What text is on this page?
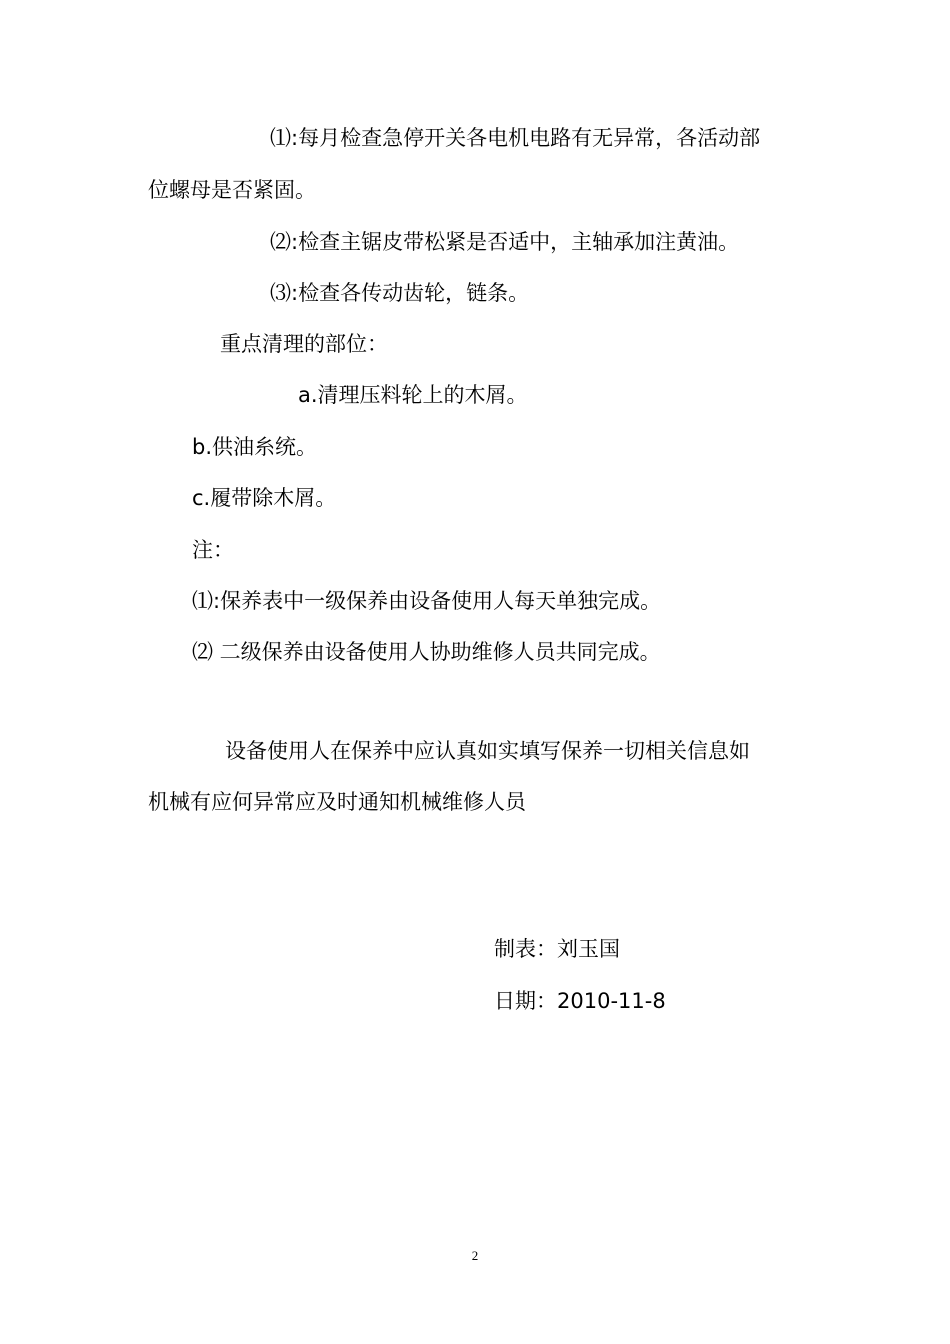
⑴:每月检查急停开关各电机电路有无异常，各活动部
位螺母是否紧固。
⑵:检查主锯皮带松紧是否适中，主轴承加注黄油。
⑶:检查各传动齿轮，链条。
重点清理的部位：
a.清理压料轮上的木屑。
b.供油糸统。
c.履带除木屑。
注：
⑴:保养表中一级保养由设备使用人每天单独完成。
⑵ 二级保养由设备使用人协助维修人员共同完成。
设备使用人在保养中应认真如实填写保养一切相关信息如
机械有应何异常应及时通知机械维修人员
制表：刘玉国
日期：2010-11-8
2
